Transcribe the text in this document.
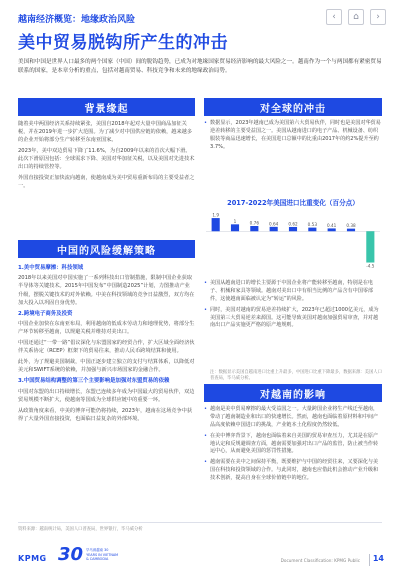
越南经济概览：地缘政治风险	‹	⌂	›
美中贸易脱钩所产生的冲击

美国和中国是世界人口最多的两个国家（中国）间的脱钩趋势，已成为对地缘国家贸易经济影响的最大风险之一。越南作为一个与两国都有紧密贸易联系的国家，是本章分析的重点，包括对越南贸易、科技竞争和未来的地缘政治局势。

背景缘起

随着美中两国经济关系持续紧张，美国自2018年起对大量中国商品加征关税，并在2019年进一步扩大范围。为了减少对中国供应链的依赖，越来越多的企业开始将部分生产转移至东南亚国家。

2023年，美中双边贸易下降了11.6%，为自2009年以来的首次大幅下滑。此次下滑原因包括：全球需求下降、美国对华加征关税，以及美国对先进技术出口的持续管控等。

外国直接投资正加快流向越南，使越南成为美中贸易重新布局的主要受益者之一。

中国的风险缓解策略
1.美中贸易摩擦：科技领域

2018年以来美国对中国实施了一系列科技出口管制措施，限制中国企业获取半导体等关键技术。2015年中国发布“中国制造2025”计划，力图推动产业升级，摆脱关键技术的对外依赖。中美在科技领域的竞争日益激烈，双方均在加大投入以巩固自身优势。

2.跨境电子商务及投资

中国企业加快在东南亚布局，利用越南的低成本劳动力和地理优势，将部分生产环节转移至越南，以规避关税并维持对美出口。

中国还通过“一带一路”倡议深化与东盟国家的经贸合作，扩大区域全面经济伙伴关系协定（RCEP）框架下的贸易往来，推动人民币跨境结算和使用。

此外，为了规避美国制裁，中国正逐步建立独立的支付与结算体系，以降低对美元和SWIFT系统的依赖，并加强与新兴市场国家的金融合作。

3.中国贸易结构调整的第三个主要影响是加强对东盟贸易的依赖

中国对东盟的出口持续增长，东盟已连续多年成为中国最大的贸易伙伴，双边贸易规模不断扩大，使越南等国成为全球供应链中的重要一环。

从政策角度来看，中美的博弈可能仍将持续，2023年，越南在这场竞争中获得了大量外国直接投资，也面临日益复杂的外部环境。

对全球的冲击
• 数据显示，2023年越南已成为美国第六大贸易伙伴，同时也是美国对华贸易逆差转移的主要受益国之一。美国从越南进口的电子产品、机械设备、纺织服装等商品迅速增长，在美国进口总额中的比重由2017年的约2%提升至约3.7%。
2017-2022年美国进口比重变化（百分点）
1.9
1	0.76 0.64 0.62 0.53 0.41 0.38
-4.5
• 美国从越南进口的增长主要源于中国企业将产能转移至越南，特别是在电子、机械和家具等领域。越南对美出口中有相当比例的产品含有中国零部件，这使越南面临被认定为“转运”的风险。
• 同时，美国对越南的贸易逆差持续扩大，2023年已超过1000亿美元，成为美国第三大贸易逆差来源国。这可能导致美国对越南加强贸易审查，并对越南出口产品实施更严格的原产地规则。

注：数据显示美国自越南进口比重上升最多，中国进口比重下降最多，数据来源：美国人口普查局，毕马威分析。

对越南的影响
• 越南是美中贸易摩擦的最大受益国之一。大量跨国企业将生产线迁至越南，带动了越南制造业和出口的快速增长。然而，越南也面临着原材料和中间产品高度依赖中国进口的挑战，产业链本土化程度仍然较低。
• 在美中博弈背景下，越南也面临着来自美国的贸易审查压力，尤其是在原产地认定和反规避调查方面，越南需要加强对出口产品的监管，防止被当作转运中心，从而避免美国的惩罚性措施。
• 越南需要在美中之间保持平衡，既要维护与中国的经贸往来，又要深化与美国在科技和投资领域的合作。与此同时，越南也应借此机会推动产业升级和技术创新，提高自身在全球价值链中的地位。

资料来源：越南统计局，美国人口普查局，世界银行，毕马威分析

KPMG 30 毕马威越南 30 YEARS IN VIETNAM & CAMBODIA	Document Classification: KPMG Public 14
